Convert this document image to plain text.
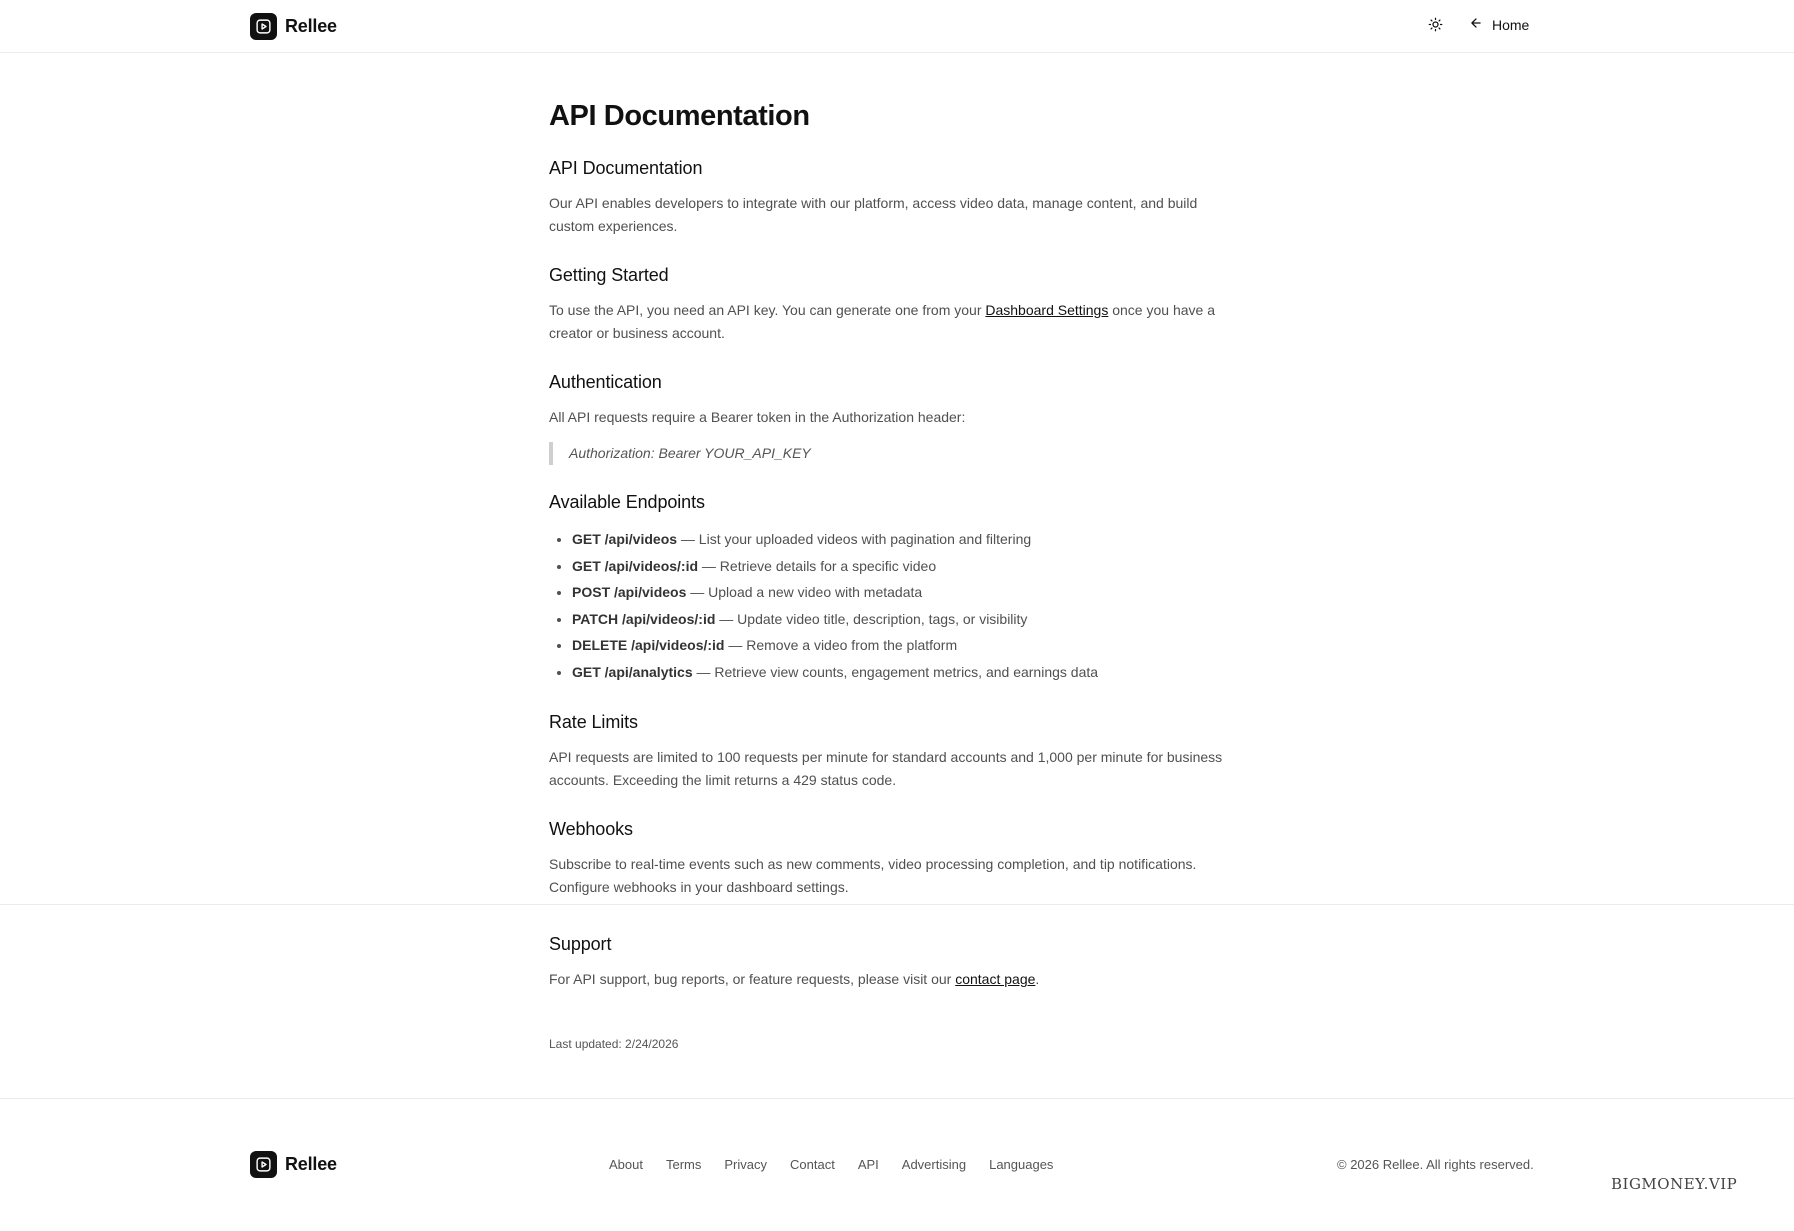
Rellee	Home
API Documentation
API Documentation

Our API enables developers to integrate with our platform, access video data, manage content, and build custom experiences.

Getting Started

To use the API, you need an API key. You can generate one from your Dashboard Settings once you have a creator or business account.

Authentication

All API requests require a Bearer token in the Authorization header:

Authorization: Bearer YOUR_API_KEY
Available Endpoints
• GET /api/videos — List your uploaded videos with pagination and filtering
• GET /api/videos/:id — Retrieve details for a specific video
• POST /api/videos — Upload a new video with metadata
• PATCH /api/videos/:id — Update video title, description, tags, or visibility
• DELETE /api/videos/:id — Remove a video from the platform
• GET /api/analytics — Retrieve view counts, engagement metrics, and earnings data
Rate Limits

API requests are limited to 100 requests per minute for standard accounts and 1,000 per minute for business accounts. Exceeding the limit returns a 429 status code.

Webhooks

Subscribe to real-time events such as new comments, video processing completion, and tip notifications. Configure webhooks in your dashboard settings.

Support

For API support, bug reports, or feature requests, please visit our contact page.

Last updated: 2/24/2026
Rellee	About Terms Privacy Contact API Advertising Languages	© 2026 Rellee. All rights reserved.
BIGMONEY.VIP
